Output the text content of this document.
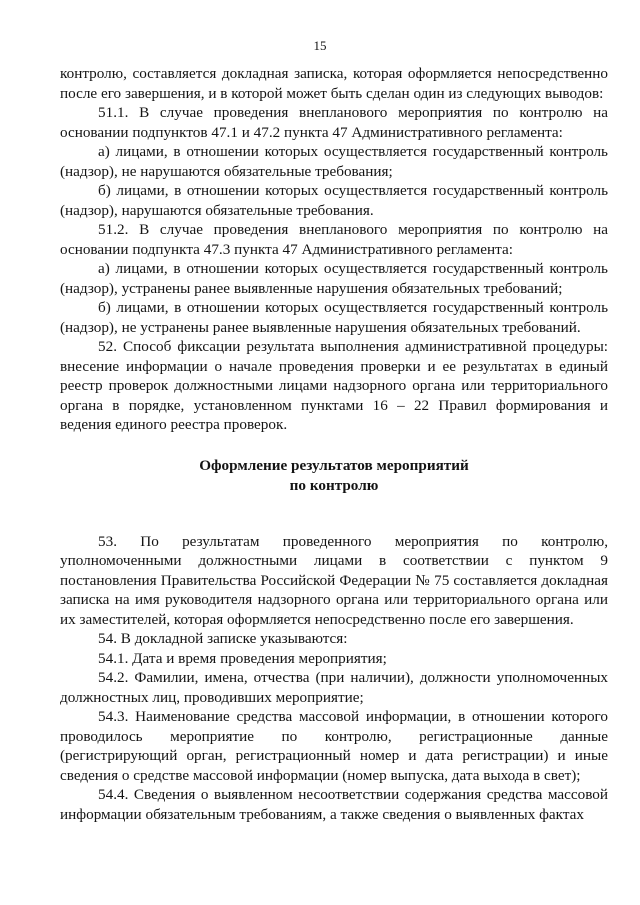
15

контролю, составляется докладная записка, которая оформляется непосредственно после его завершения, и в которой может быть сделан один из следующих выводов:

51.1. В случае проведения внепланового мероприятия по контролю на основании подпунктов 47.1 и 47.2 пункта 47 Административного регламента:

а) лицами, в отношении которых осуществляется государственный контроль (надзор), не нарушаются обязательные требования;

б) лицами, в отношении которых осуществляется государственный контроль (надзор), нарушаются обязательные требования.

51.2. В случае проведения внепланового мероприятия по контролю на основании подпункта 47.3 пункта 47 Административного регламента:

а) лицами, в отношении которых осуществляется государственный контроль (надзор), устранены ранее выявленные нарушения обязательных требований;

б) лицами, в отношении которых осуществляется государственный контроль (надзор), не устранены ранее выявленные нарушения обязательных требований.

52. Способ фиксации результата выполнения административной процедуры: внесение информации о начале проведения проверки и ее результатах в единый реестр проверок должностными лицами надзорного органа или территориального органа в порядке, установленном пунктами 16 – 22 Правил формирования и ведения единого реестра проверок.

Оформление результатов мероприятий
по контролю

53. По результатам проведенного мероприятия по контролю, уполномоченными должностными лицами в соответствии с пунктом 9 постановления Правительства Российской Федерации № 75 составляется докладная записка на имя руководителя надзорного органа или территориального органа или их заместителей, которая оформляется непосредственно после его завершения.

54. В докладной записке указываются:

54.1. Дата и время проведения мероприятия;

54.2. Фамилии, имена, отчества (при наличии), должности уполномоченных должностных лиц, проводивших мероприятие;

54.3. Наименование средства массовой информации, в отношении которого проводилось мероприятие по контролю, регистрационные данные (регистрирующий орган, регистрационный номер и дата регистрации) и иные сведения о средстве массовой информации (номер выпуска, дата выхода в свет);

54.4. Сведения о выявленном несоответствии содержания средства массовой информации обязательным требованиям, а также сведения о выявленных фактах
